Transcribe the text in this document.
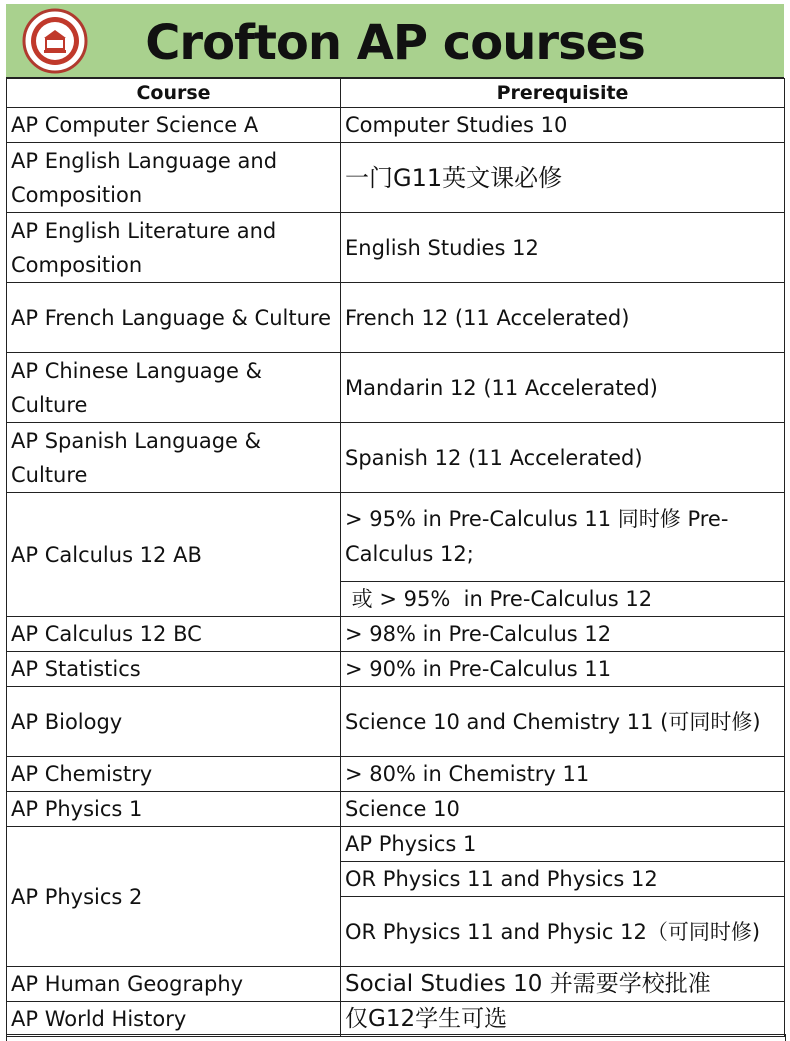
Crofton AP courses
Course	Prerequisite
AP Computer Science A	Computer Studies 10
AP English Language and Composition	一门G11英文课必修
AP English Literature and Composition	English Studies 12
AP French Language & Culture	French 12 (11 Accelerated)
AP Chinese Language & Culture	Mandarin 12 (11 Accelerated)
AP Spanish Language & Culture	Spanish 12 (11 Accelerated)
AP Calculus 12 AB	> 95% in Pre-Calculus 11 同时修 Pre-Calculus 12;
	或 > 95%  in Pre-Calculus 12
AP Calculus 12 BC	> 98% in Pre-Calculus 12
AP Statistics	> 90% in Pre-Calculus 11
AP Biology	Science 10 and Chemistry 11 (可同时修)
AP Chemistry	> 80% in Chemistry 11
AP Physics 1	Science 10
AP Physics 2	AP Physics 1
	OR Physics 11 and Physics 12
	OR Physics 11 and Physic 12（可同时修)
AP Human Geography	Social Studies 10 并需要学校批准
AP World History	仅G12学生可选
